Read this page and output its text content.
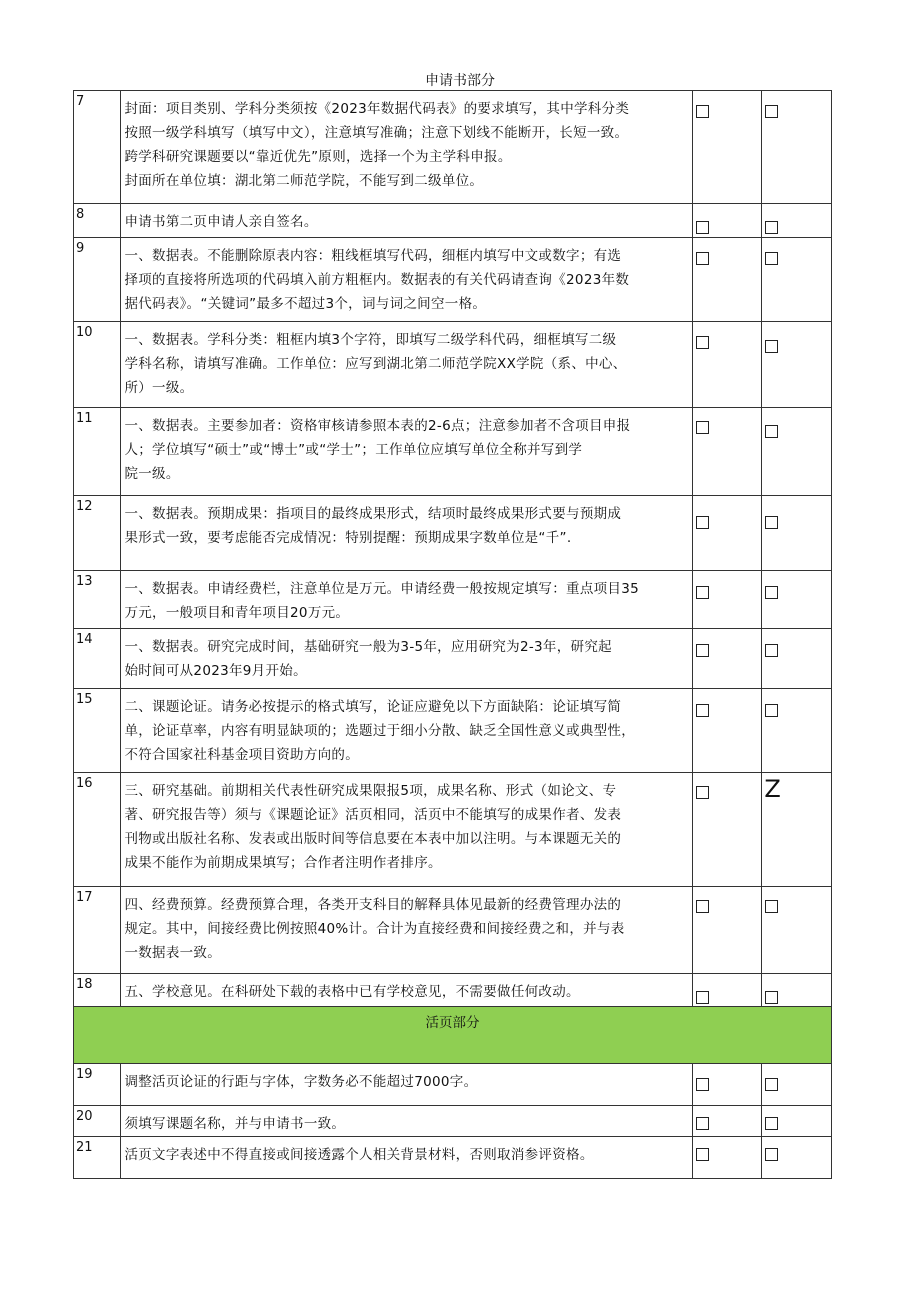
申请书部分
7	封面：项目类别、学科分类须按《2023年数据代码表》的要求填写，其中学科分类
按照一级学科填写（填写中文），注意填写准确；注意下划线不能断开，长短一致。
跨学科研究课题要以“靠近优先”原则，选择一个为主学科申报。
封面所在单位填：湖北第二师范学院，不能写到二级单位。		

8	申请书第二页申请人亲自签名。		

9	一、数据表。不能删除原表内容：粗线框填写代码，细框内填写中文或数字；有选
择项的直接将所选项的代码填入前方粗框内。数据表的有关代码请查询《2023年数
据代码表》。“关键词”最多不超过3个，词与词之间空一格。		

10	一、数据表。学科分类：粗框内填3个字符，即填写二级学科代码，细框填写二级
学科名称，请填写准确。工作单位：应写到湖北第二师范学院XX学院（系、中心、
所）一级。		

11	一、数据表。主要参加者：资格审核请参照本表的2-6点；注意参加者不含项目申报
人；学位填写“硕士”或“博士”或“学士”；工作单位应填写单位全称并写到学
院一级。		

12	一、数据表。预期成果：指项目的最终成果形式，结项时最终成果形式要与预期成
果形式一致，要考虑能否完成情况：特别提醒：预期成果字数单位是“千”.		

13	一、数据表。申请经费栏，注意单位是万元。申请经费一般按规定填写：重点项目35
万元，一般项目和青年项目20万元。		

14	一、数据表。研究完成时间，基础研究一般为3-5年，应用研究为2-3年，研究起
始时间可从2023年9月开始。		

15	二、课题论证。请务必按提示的格式填写，论证应避免以下方面缺陷：论证填写简
单，论证草率，内容有明显缺项的；选题过于细小分散、缺乏全国性意义或典型性，
不符合国家社科基金项目资助方向的。		

16	三、研究基础。前期相关代表性研究成果限报5项，成果名称、形式（如论文、专
著、研究报告等）须与《课题论证》活页相同，活页中不能填写的成果作者、发表
刊物或出版社名称、发表或出版时间等信息要在本表中加以注明。与本课题无关的
成果不能作为前期成果填写；合作者注明作者排序。		Z

17	四、经费预算。经费预算合理，各类开支科目的解释具体见最新的经费管理办法的
规定。其中，间接经费比例按照40%计。合计为直接经费和间接经费之和，并与表
一数据表一致。		

18	五、学校意见。在科研处下载的表格中已有学校意见，不需要做任何改动。		

活页部分			
19	调整活页论证的行距与字体，字数务必不能超过7000字。		

20	须填写课题名称，并与申请书一致。		

21	活页文字表述中不得直接或间接透露个人相关背景材料，否则取消参评资格。		
